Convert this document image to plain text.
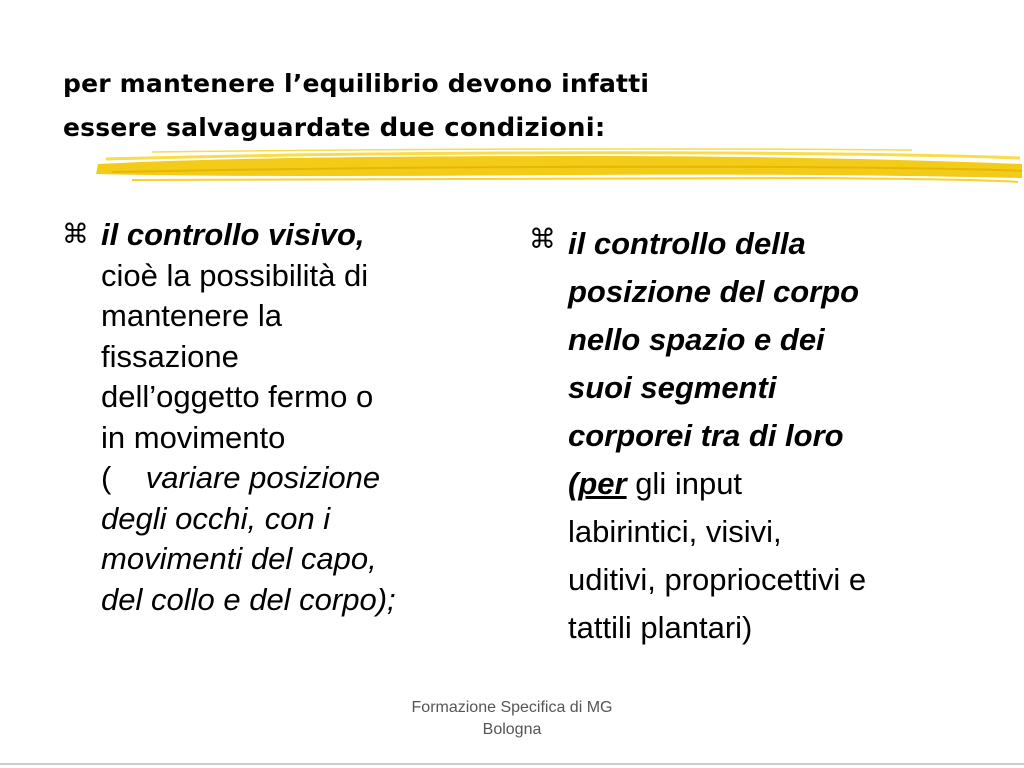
per mantenere l’equilibrio devono infatti
essere salvaguardate due condizioni:
⌘ il controllo visivo,
cioè la possibilità di
mantenere la
fissazione
dell’oggetto fermo o
in movimento
(    variare posizione
degli occhi, con i
movimenti del capo,
del collo e del corpo);
⌘ il controllo della
posizione del corpo
nello spazio e dei
suoi segmenti
corporei tra di loro
(per gli input
labirintici, visivi,
uditivi, propriocettivi e
tattili plantari)
Formazione Specifica di MG
Bologna
